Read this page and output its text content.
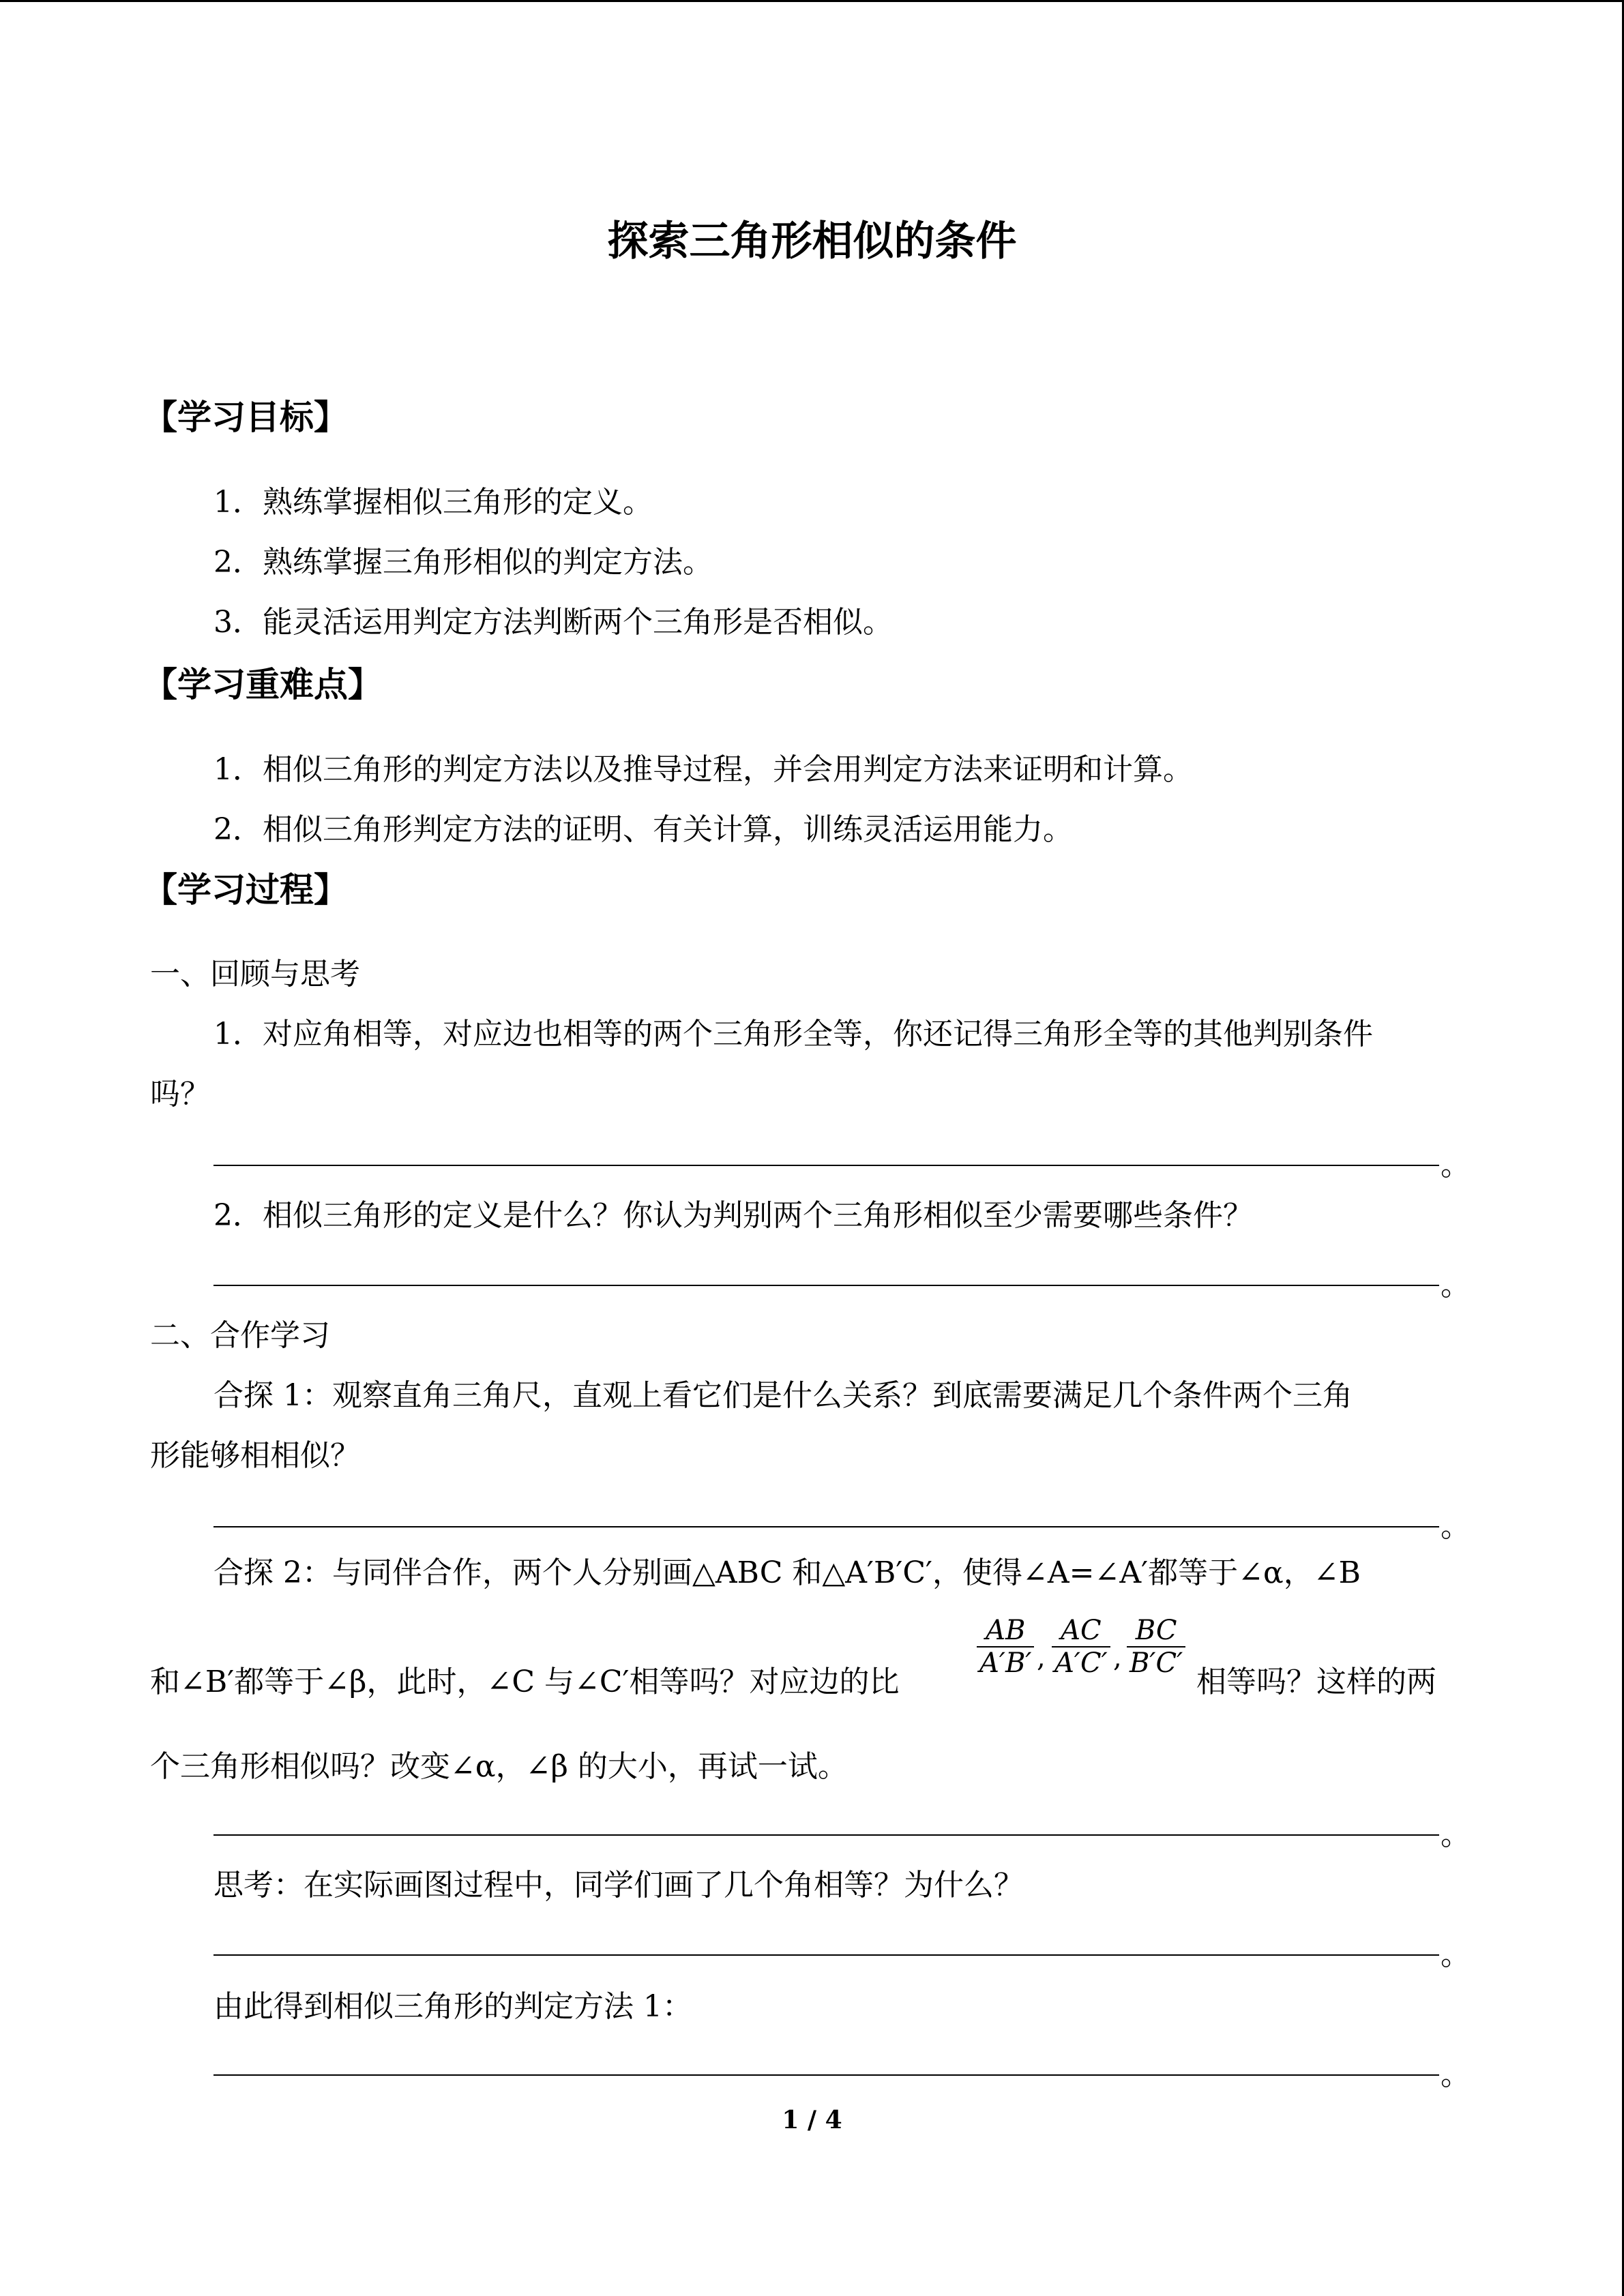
探索三角形相似的条件
【学习目标】
1．熟练掌握相似三角形的定义。
2．熟练掌握三角形相似的判定方法。
3．能灵活运用判定方法判断两个三角形是否相似。
【学习重难点】
1．相似三角形的判定方法以及推导过程，并会用判定方法来证明和计算。
2．相似三角形判定方法的证明、有关计算，训练灵活运用能力。
【学习过程】
一、回顾与思考
1．对应角相等，对应边也相等的两个三角形全等，你还记得三角形全等的其他判别条件
吗？
。
2．相似三角形的定义是什么？你认为判别两个三角形相似至少需要哪些条件？
。
二、合作学习
合探 1：观察直角三角尺，直观上看它们是什么关系？到底需要满足几个条件两个三角
形能够相相似？
。
合探 2：与同伴合作，两个人分别画△ABC 和△A′B′C′，使得∠A=∠A′都等于∠α，∠B
和∠B′都等于∠β，此时，∠C 与∠C′相等吗？对应边的比
AB
A′B′ ,
AC
A′C′ ,
BC
B′C′
相等吗？这样的两
个三角形相似吗？改变∠α，∠β 的大小，再试一试。
。
思考：在实际画图过程中，同学们画了几个角相等？为什么？
。
由此得到相似三角形的判定方法 1：
。
1 / 4
